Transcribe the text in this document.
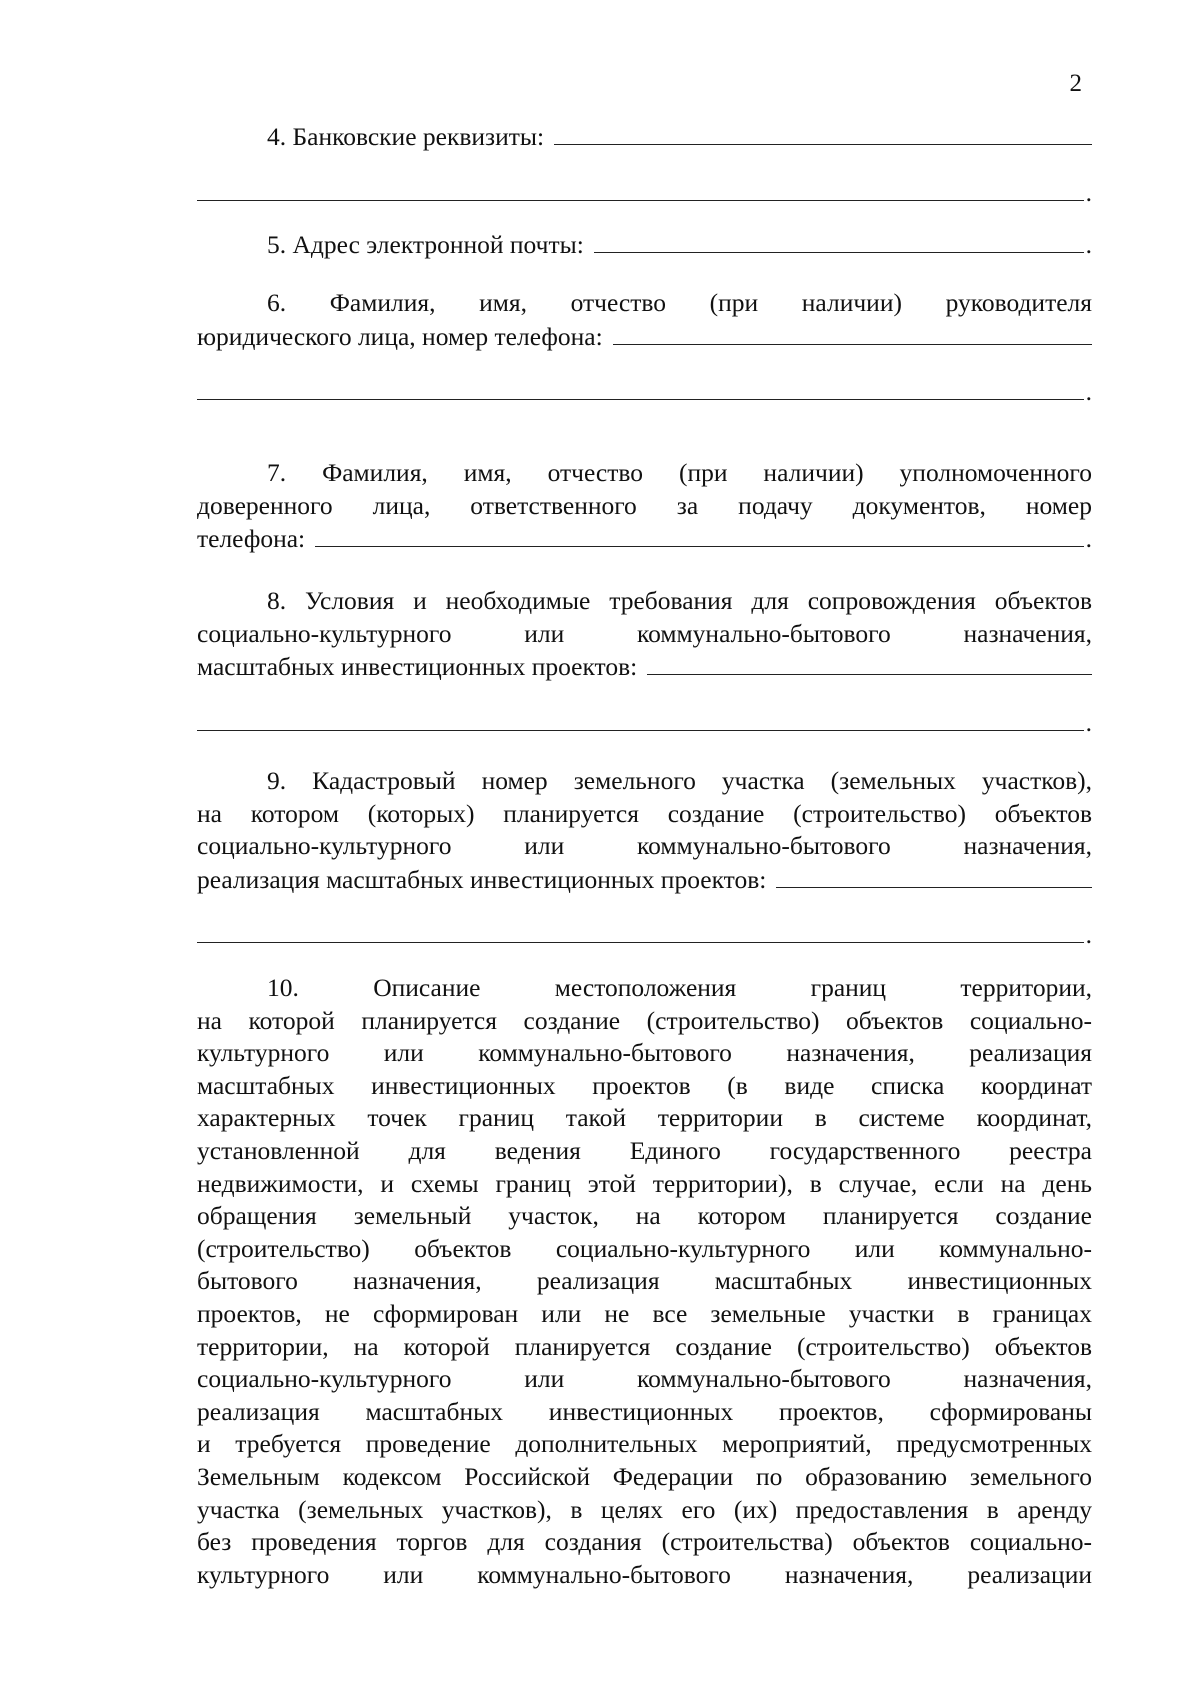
2
4. Банковские реквизиты:
.
5. Адрес электронной почты:	.
6. Фамилия, имя, отчество (при наличии) руководителя
юридического лица, номер телефона:
.
7. Фамилия, имя, отчество (при наличии) уполномоченного
доверенного лица, ответственного за подачу документов, номер
телефона:	.
8. Условия и необходимые требования для сопровождения объектов
социально-культурного или коммунально-бытового назначения,
масштабных инвестиционных проектов:
.
9. Кадастровый номер земельного участка (земельных участков),
на котором (которых) планируется создание (строительство) объектов
социально-культурного или коммунально-бытового назначения,
реализация масштабных инвестиционных проектов:
.
10. Описание местоположения границ территории,
на которой планируется создание (строительство) объектов социально-
культурного или коммунально-бытового назначения, реализация
масштабных инвестиционных проектов (в виде списка координат
характерных точек границ такой территории в системе координат,
установленной для ведения Единого государственного реестра
недвижимости, и схемы границ этой территории), в случае, если на день
обращения земельный участок, на котором планируется создание
(строительство) объектов социально-культурного или коммунально-
бытового назначения, реализация масштабных инвестиционных
проектов, не сформирован или не все земельные участки в границах
территории, на которой планируется создание (строительство) объектов
социально-культурного или коммунально-бытового назначения,
реализация масштабных инвестиционных проектов, сформированы
и требуется проведение дополнительных мероприятий, предусмотренных
Земельным кодексом Российской Федерации по образованию земельного
участка (земельных участков), в целях его (их) предоставления в аренду
без проведения торгов для создания (строительства) объектов социально-
культурного или коммунально-бытового назначения, реализации
